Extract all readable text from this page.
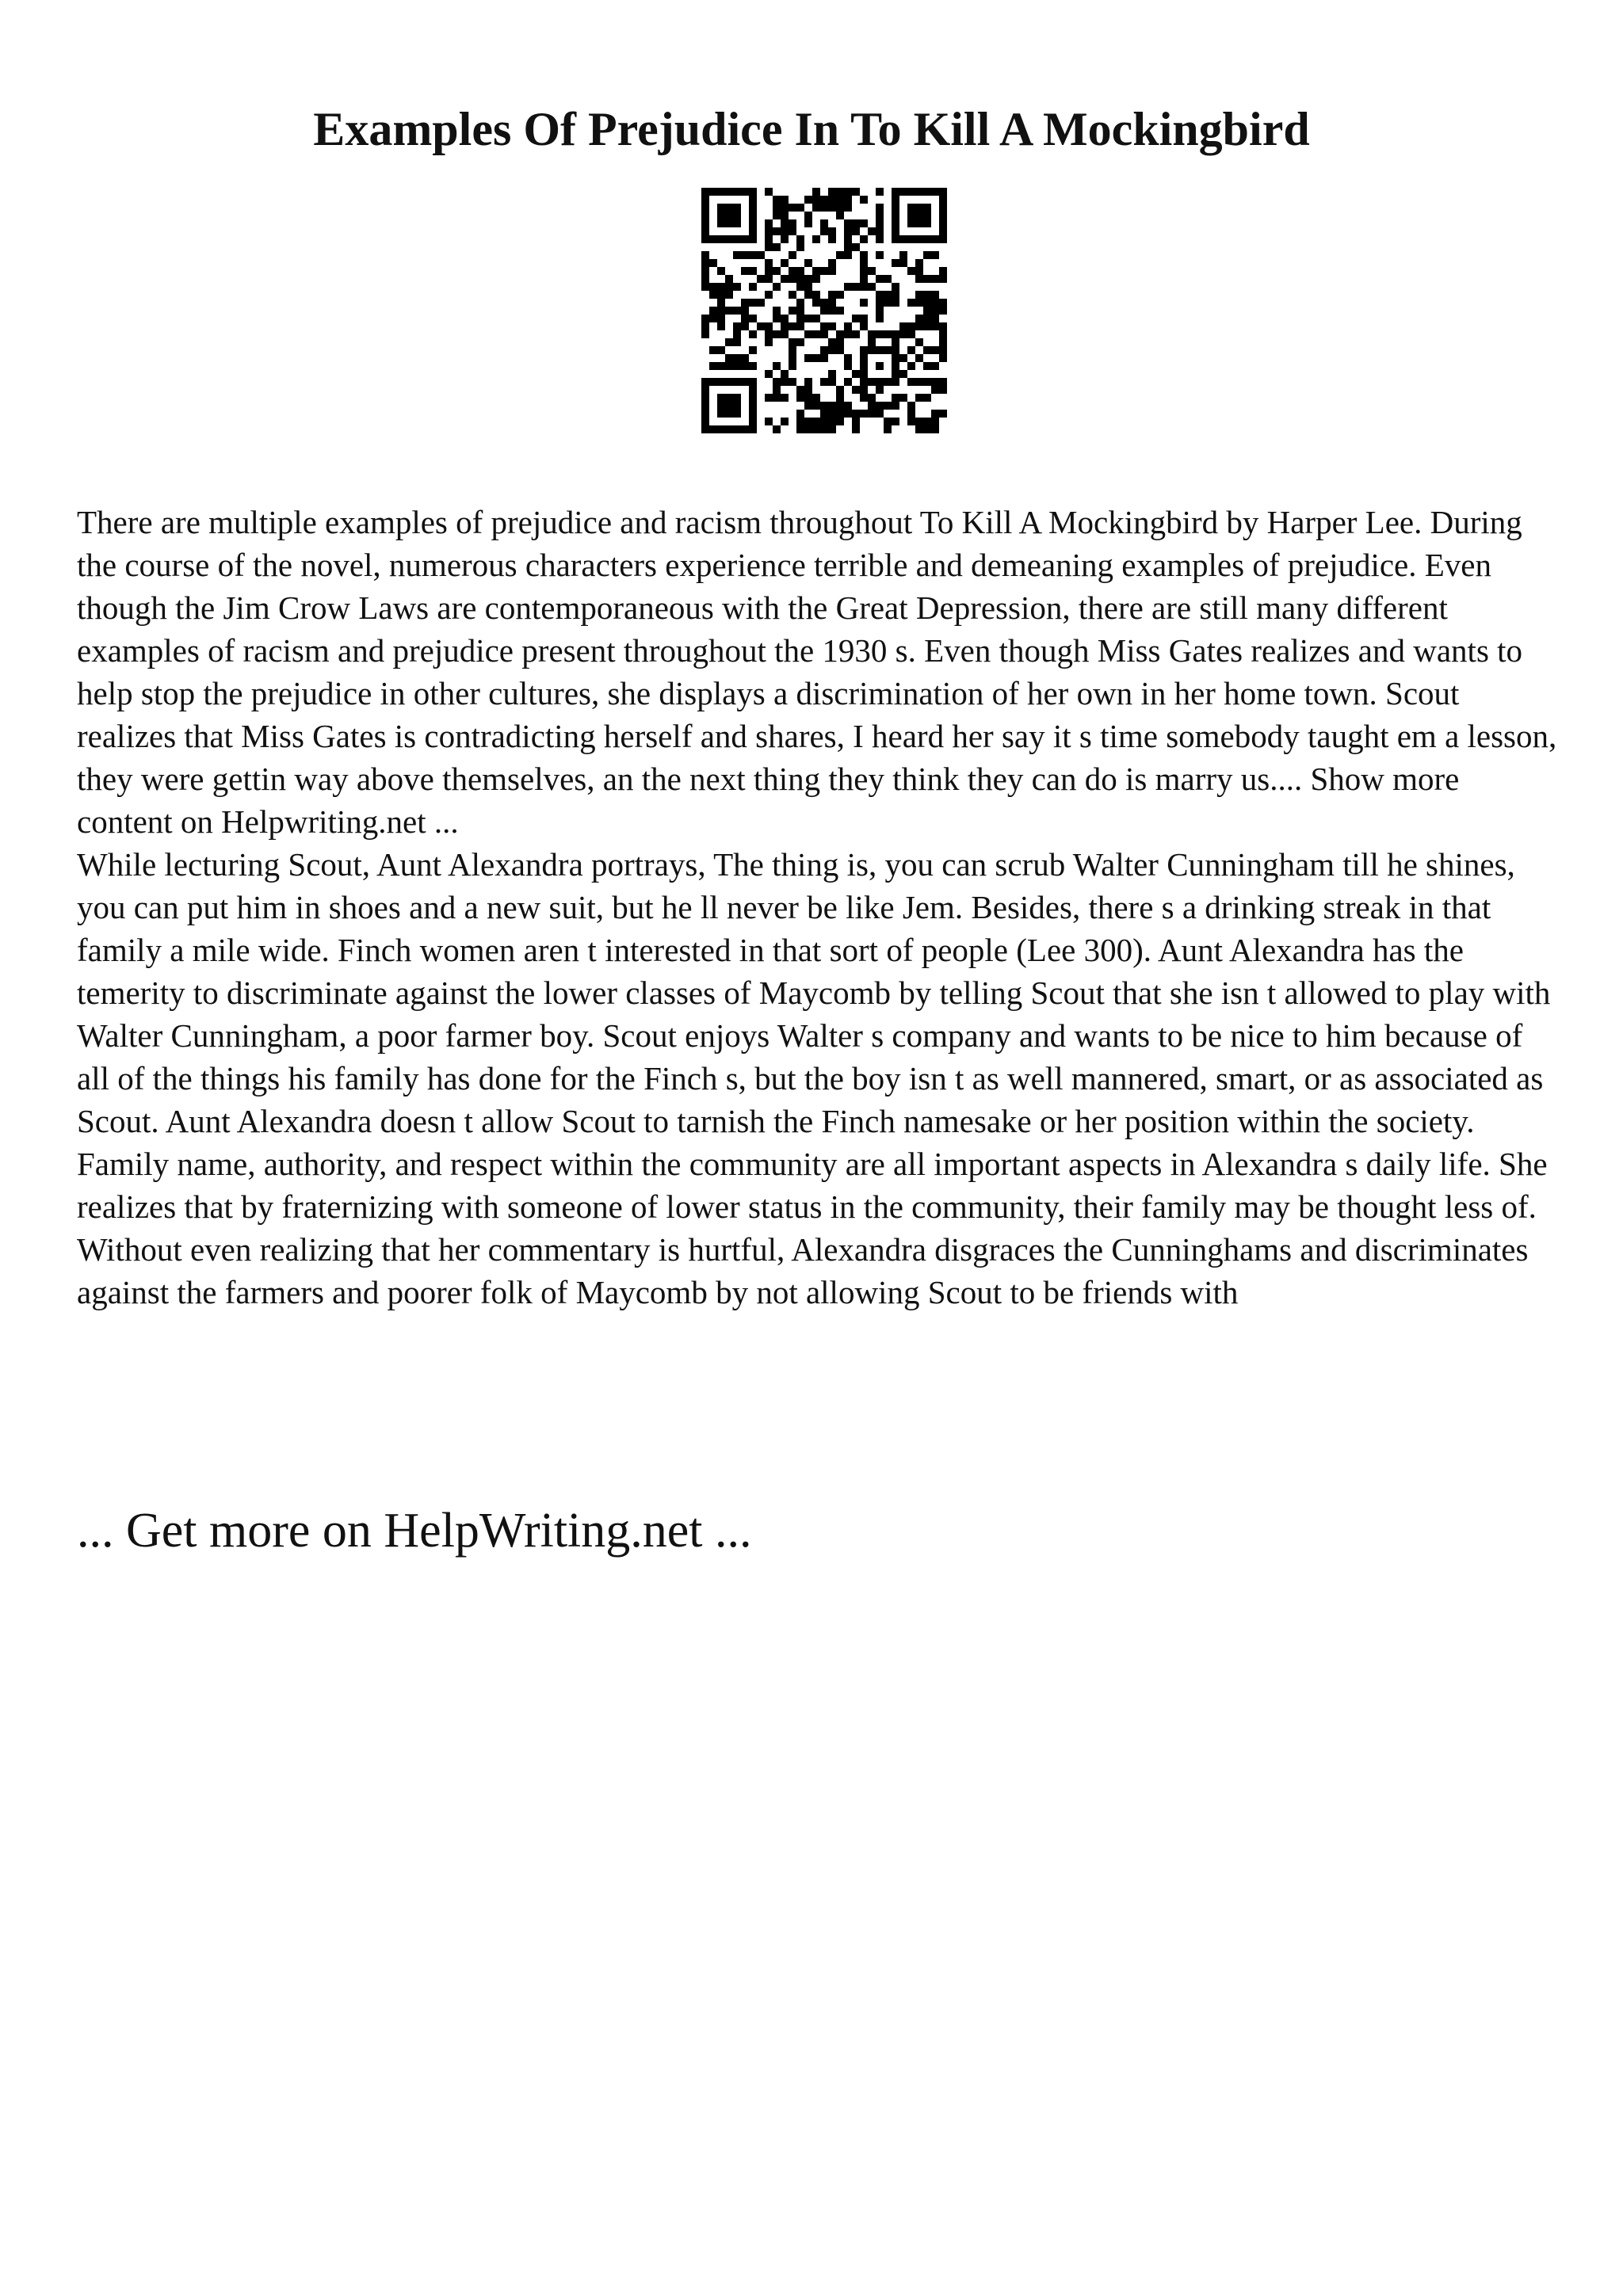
Examples Of Prejudice In To Kill A Mockingbird

There are multiple examples of prejudice and racism throughout To Kill A Mockingbird by Harper Lee. During the course of the novel, numerous characters experience terrible and demeaning examples of prejudice. Even though the Jim Crow Laws are contemporaneous with the Great Depression, there are still many different examples of racism and prejudice present throughout the 1930 s. Even though Miss Gates realizes and wants to help stop the prejudice in other cultures, she displays a discrimination of her own in her home town. Scout realizes that Miss Gates is contradicting herself and shares, I heard her say it s time somebody taught em a lesson, they were gettin way above themselves, an the next thing they think they can do is marry us.... Show more content on Helpwriting.net ...

While lecturing Scout, Aunt Alexandra portrays, The thing is, you can scrub Walter Cunningham till he shines, you can put him in shoes and a new suit, but he ll never be like Jem. Besides, there s a drinking streak in that family a mile wide. Finch women aren t interested in that sort of people (Lee 300). Aunt Alexandra has the temerity to discriminate against the lower classes of Maycomb by telling Scout that she isn t allowed to play with Walter Cunningham, a poor farmer boy. Scout enjoys Walter s company and wants to be nice to him because of all of the things his family has done for the Finch s, but the boy isn t as well mannered, smart, or as associated as Scout. Aunt Alexandra doesn t allow Scout to tarnish the Finch namesake or her position within the society. Family name, authority, and respect within the community are all important aspects in Alexandra s daily life. She realizes that by fraternizing with someone of lower status in the community, their family may be thought less of. Without even realizing that her commentary is hurtful, Alexandra disgraces the Cunninghams and discriminates against the farmers and poorer folk of Maycomb by not allowing Scout to be friends with

... Get more on HelpWriting.net ...
